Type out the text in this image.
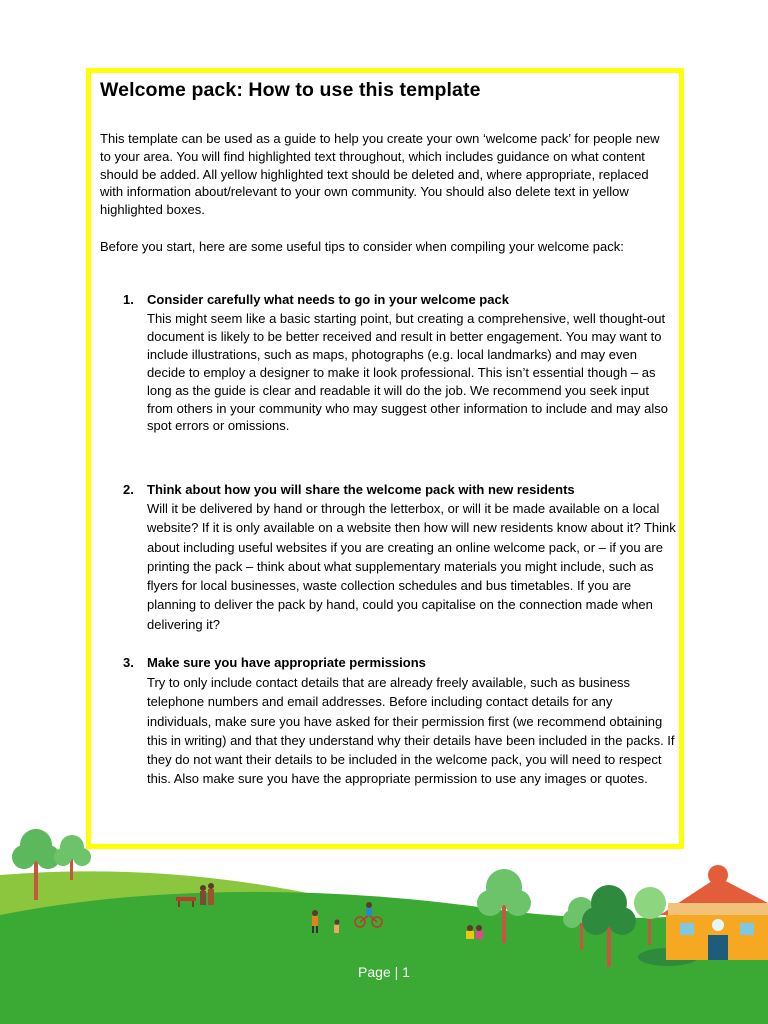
Welcome pack: How to use this template

This template can be used as a guide to help you create your own ‘welcome pack’ for people new to your area. You will find highlighted text throughout, which includes guidance on what content should be added. All yellow highlighted text should be deleted and, where appropriate, replaced with information about/relevant to your own community. You should also delete text in yellow highlighted boxes.

Before you start, here are some useful tips to consider when compiling your welcome pack:

1. Consider carefully what needs to go in your welcome pack

This might seem like a basic starting point, but creating a comprehensive, well thought-out document is likely to be better received and result in better engagement. You may want to include illustrations, such as maps, photographs (e.g. local landmarks) and may even decide to employ a designer to make it look professional. This isn’t essential though – as long as the guide is clear and readable it will do the job. We recommend you seek input from others in your community who may suggest other information to include and may also spot errors or omissions.

2. Think about how you will share the welcome pack with new residents

Will it be delivered by hand or through the letterbox, or will it be made available on a local website? If it is only available on a website then how will new residents know about it? Think about including useful websites if you are creating an online welcome pack, or – if you are printing the pack – think about what supplementary materials you might include, such as flyers for local businesses, waste collection schedules and bus timetables. If you are planning to deliver the pack by hand, could you capitalise on the connection made when delivering it?

3. Make sure you have appropriate permissions

Try to only include contact details that are already freely available, such as business telephone numbers and email addresses. Before including contact details for any individuals, make sure you have asked for their permission first (we recommend obtaining this in writing) and that they understand why their details have been included in the packs. If they do not want their details to be included in the welcome pack, you will need to respect this. Also make sure you have the appropriate permission to use any images or quotes.

Page | 1
